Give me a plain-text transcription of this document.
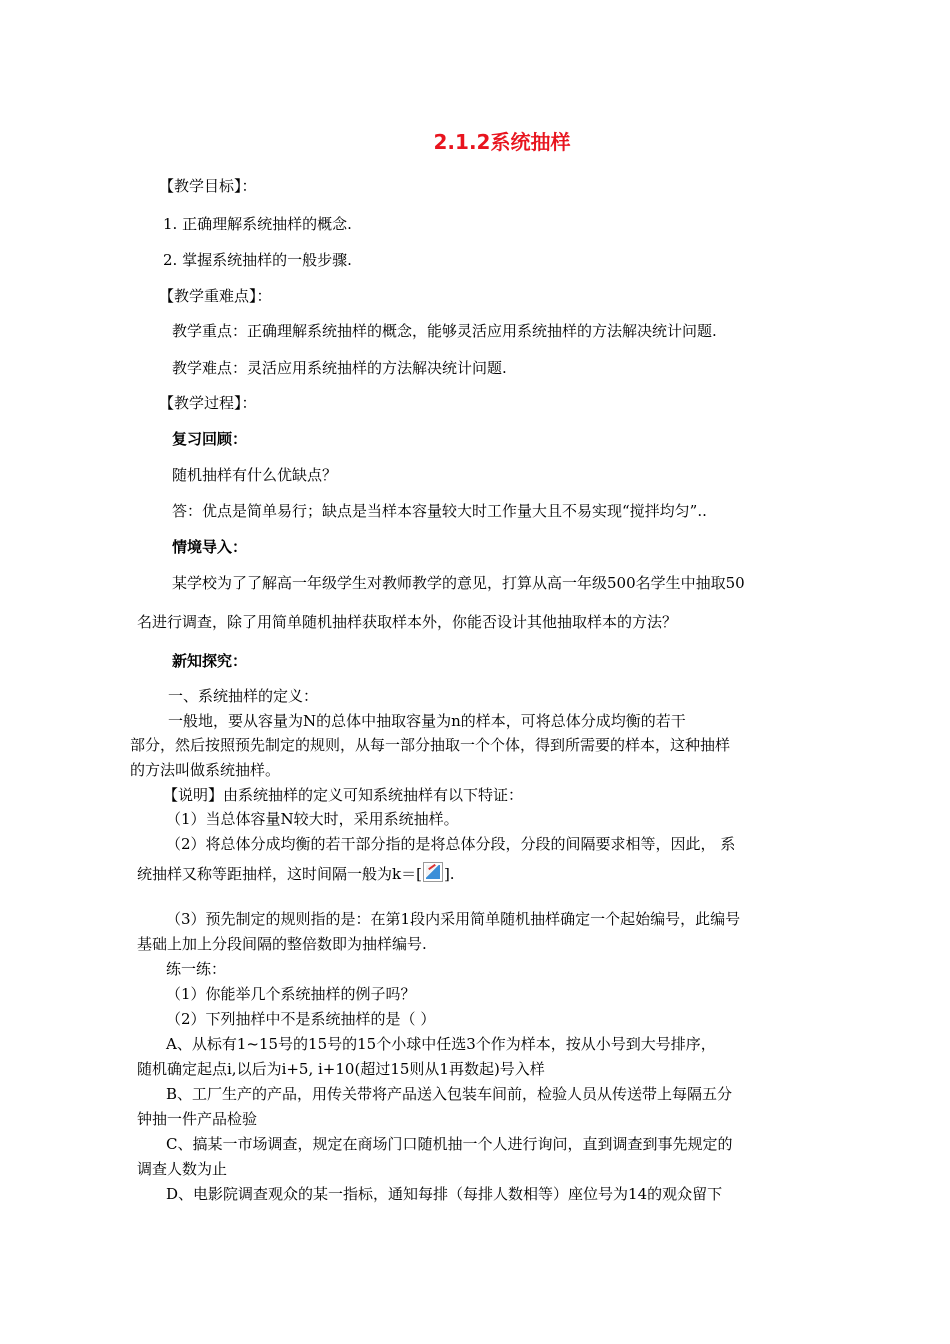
2.1.2系统抽样
【教学目标】：
1. 正确理解系统抽样的概念.
2. 掌握系统抽样的一般步骤.
【教学重难点】：
教学重点：正确理解系统抽样的概念，能够灵活应用系统抽样的方法解决统计问题.
教学难点：灵活应用系统抽样的方法解决统计问题.
【教学过程】：
复习回顾：
随机抽样有什么优缺点？
答：优点是简单易行；缺点是当样本容量较大时工作量大且不易实现“搅拌均匀”..
情境导入：
某学校为了了解高一年级学生对教师教学的意见，打算从高一年级500名学生中抽取50
名进行调查，除了用简单随机抽样获取样本外，你能否设计其他抽取样本的方法？
新知探究：
一、系统抽样的定义：
一般地，要从容量为N的总体中抽取容量为n的样本，可将总体分成均衡的若干
部分，然后按照预先制定的规则，从每一部分抽取一个个体，得到所需要的样本，这种抽样
的方法叫做系统抽样。
【说明】由系统抽样的定义可知系统抽样有以下特证：
（1）当总体容量N较大时，采用系统抽样。
（2）将总体分成均衡的若干部分指的是将总体分段，分段的间隔要求相等，因此， 系
统抽样又称等距抽样，这时间隔一般为k＝[ ].
（3）预先制定的规则指的是：在第1段内采用简单随机抽样确定一个起始编号，此编号
基础上加上分段间隔的整倍数即为抽样编号.
练一练：
（1）你能举几个系统抽样的例子吗？
（2）下列抽样中不是系统抽样的是（ ）
A、从标有1~15号的15号的15个小球中任选3个作为样本，按从小号到大号排序，
随机确定起点i,以后为i+5, i+10(超过15则从1再数起)号入样
B、工厂生产的产品，用传关带将产品送入包装车间前，检验人员从传送带上每隔五分
钟抽一件产品检验
C、搞某一市场调查，规定在商场门口随机抽一个人进行询问，直到调查到事先规定的
调查人数为止
D、电影院调查观众的某一指标，通知每排（每排人数相等）座位号为14的观众留下
